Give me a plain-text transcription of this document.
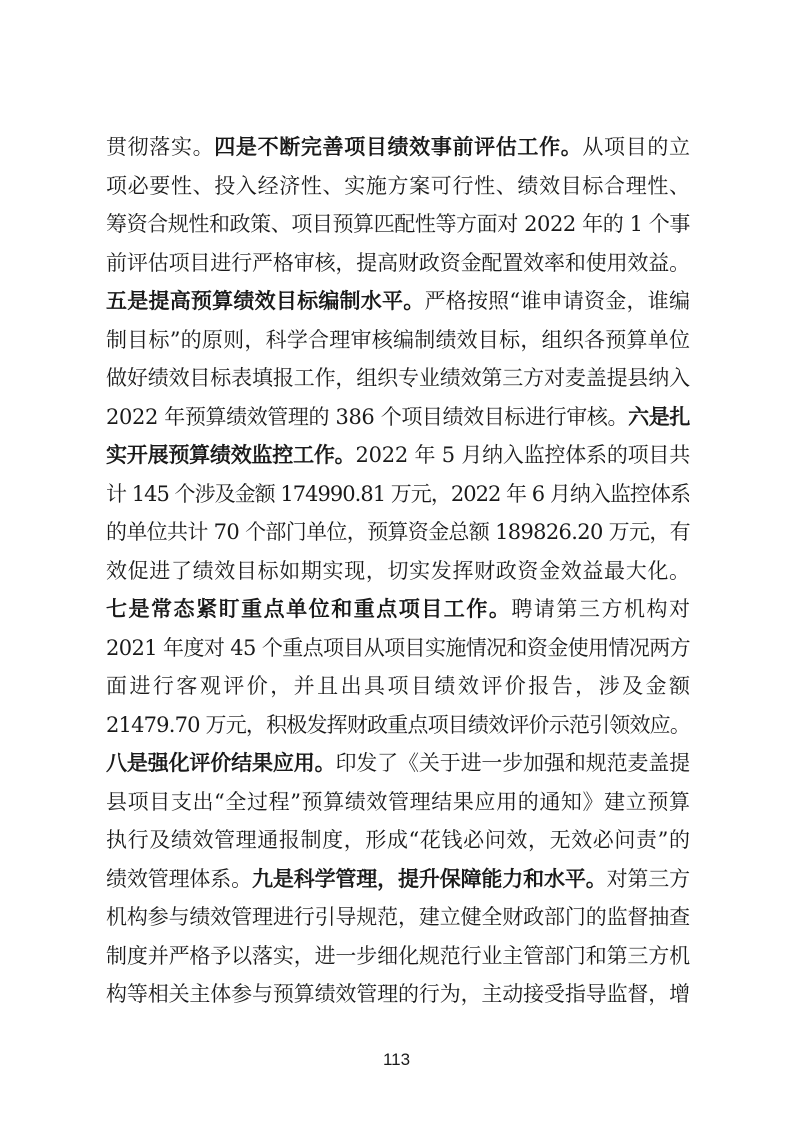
贯彻落实。四是不断完善项目绩效事前评估工作。从项目的立
项必要性、投入经济性、实施方案可行性、绩效目标合理性、
筹资合规性和政策、项目预算匹配性等方面对 2022 年的 1 个事
前评估项目进行严格审核，提高财政资金配置效率和使用效益。
五是提高预算绩效目标编制水平。严格按照“谁申请资金，谁编
制目标”的原则，科学合理审核编制绩效目标，组织各预算单位
做好绩效目标表填报工作，组织专业绩效第三方对麦盖提县纳入
2022 年预算绩效管理的 386 个项目绩效目标进行审核。六是扎
实开展预算绩效监控工作。2022 年 5 月纳入监控体系的项目共
计 145 个涉及金额 174990.81 万元，2022 年 6 月纳入监控体系
的单位共计 70 个部门单位，预算资金总额 189826.20 万元，有
效促进了绩效目标如期实现，切实发挥财政资金效益最大化。
七是常态紧盯重点单位和重点项目工作。聘请第三方机构对
2021 年度对 45 个重点项目从项目实施情况和资金使用情况两方
面进行客观评价，并且出具项目绩效评价报告，涉及金额
21479.70 万元，积极发挥财政重点项目绩效评价示范引领效应。
八是强化评价结果应用。印发了《关于进一步加强和规范麦盖提
县项目支出“全过程”预算绩效管理结果应用的通知》建立预算
执行及绩效管理通报制度，形成“花钱必问效，无效必问责”的
绩效管理体系。九是科学管理，提升保障能力和水平。对第三方
机构参与绩效管理进行引导规范，建立健全财政部门的监督抽查
制度并严格予以落实，进一步细化规范行业主管部门和第三方机
构等相关主体参与预算绩效管理的行为，主动接受指导监督，增
113
